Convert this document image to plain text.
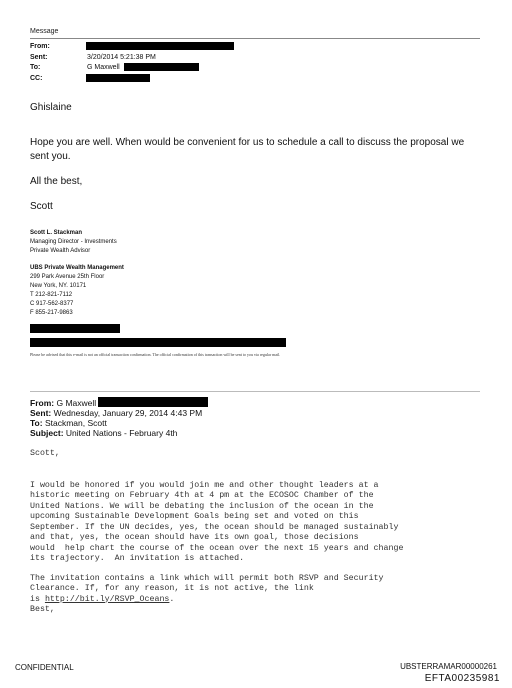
Message
From:
Sent:	3/20/2014 5:21:38 PM
To:	G Maxwell
CC:
Ghislaine
Hope you are well. When would be convenient for us to schedule a call to discuss the proposal we
sent you.
All the best,
Scott
Scott L. Stackman
Managing Director - Investments
Private Wealth Advisor
UBS Private Wealth Management
299 Park Avenue 25th Floor
New York, NY. 10171
T 212-821-7112
C 917-562-8377
F 855-217-9863
Please be advised that this e-mail is not an official transaction confirmation. The official confirmation of this transaction will be sent to you via regular mail.
From: G Maxwell
Sent: Wednesday, January 29, 2014 4:43 PM
To: Stackman, Scott
Subject: United Nations - February 4th
Scott,

I would be honored if you would join me and other thought leaders at a
historic meeting on February 4th at 4 pm at the ECOSOC Chamber of the
United Nations. We will be debating the inclusion of the ocean in the
upcoming Sustainable Development Goals being set and voted on this
September. If the UN decides, yes, the ocean should be managed sustainably
and that, yes, the ocean should have its own goal, those decisions
would  help chart the course of the ocean over the next 15 years and change
its trajectory.  An invitation is attached.

The invitation contains a link which will permit both RSVP and Security
Clearance. If, for any reason, it is not active, the link
is http://bit.ly/RSVP_Oceans.

Best,
CONFIDENTIAL	UBSTERRAMAR00000261
EFTA00235981
